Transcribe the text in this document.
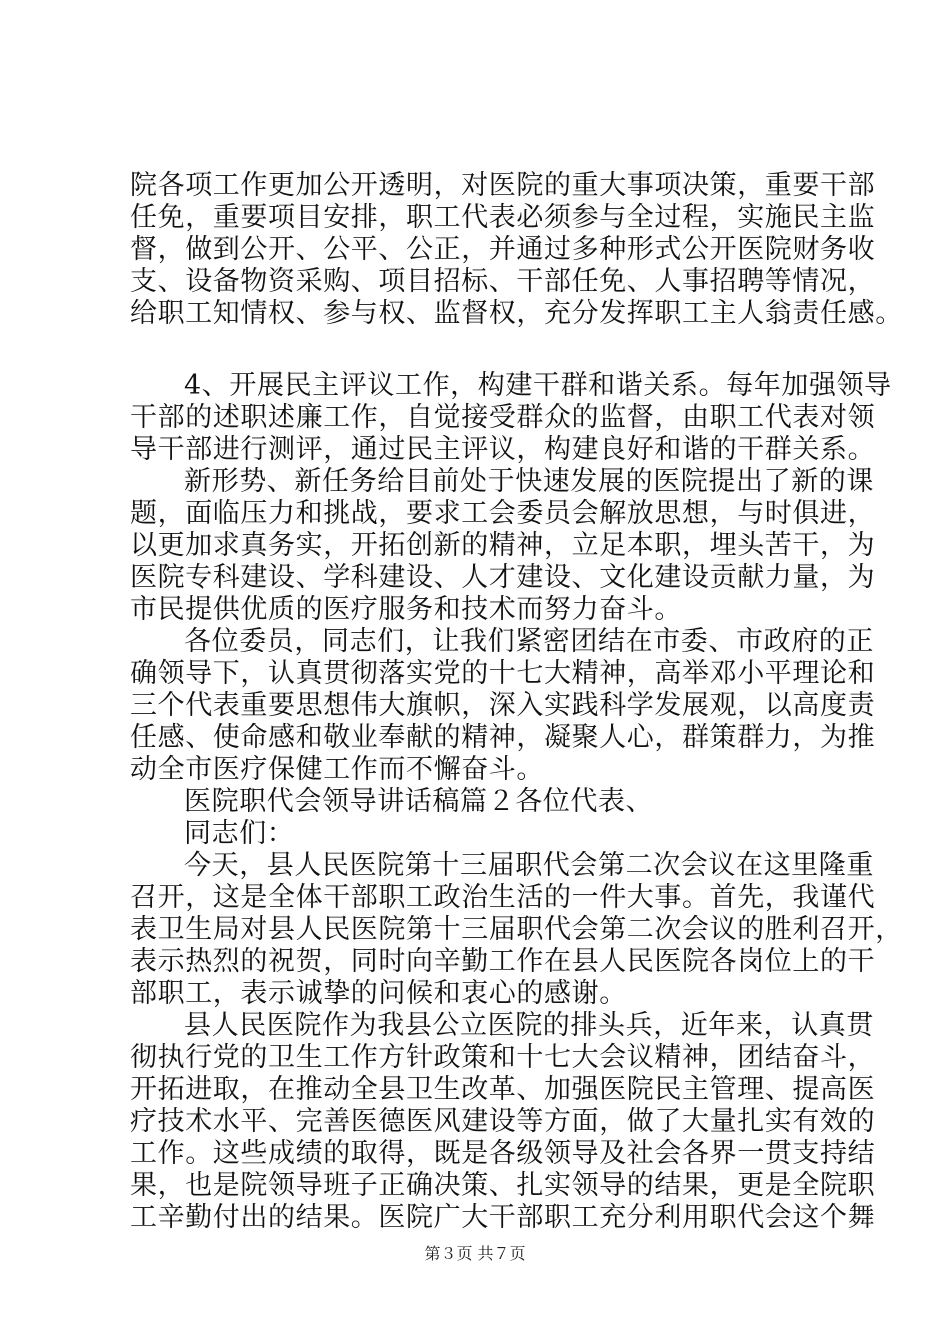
院各项工作更加公开透明，对医院的重大事项决策，重要干部
任免，重要项目安排，职工代表必须参与全过程，实施民主监
督，做到公开、公平、公正，并通过多种形式公开医院财务收
支、设备物资采购、项目招标、干部任免、人事招聘等情况，
给职工知情权、参与权、监督权，充分发挥职工主人翁责任感。
4、开展民主评议工作，构建干群和谐关系。每年加强领导
干部的述职述廉工作，自觉接受群众的监督，由职工代表对领
导干部进行测评，通过民主评议，构建良好和谐的干群关系。
新形势、新任务给目前处于快速发展的医院提出了新的课
题，面临压力和挑战，要求工会委员会解放思想，与时俱进，
以更加求真务实，开拓创新的精神，立足本职，埋头苦干，为
医院专科建设、学科建设、人才建设、文化建设贡献力量，为
市民提供优质的医疗服务和技术而努力奋斗。
各位委员，同志们，让我们紧密团结在市委、市政府的正
确领导下，认真贯彻落实党的十七大精神，高举邓小平理论和
三个代表重要思想伟大旗帜，深入实践科学发展观，以高度责
任感、使命感和敬业奉献的精神，凝聚人心，群策群力，为推
动全市医疗保健工作而不懈奋斗。
医院职代会领导讲话稿篇２各位代表、
同志们：
今天，县人民医院第十三届职代会第二次会议在这里隆重
召开，这是全体干部职工政治生活的一件大事。首先，我谨代
表卫生局对县人民医院第十三届职代会第二次会议的胜利召开，
表示热烈的祝贺，同时向辛勤工作在县人民医院各岗位上的干
部职工，表示诚挚的问候和衷心的感谢。
县人民医院作为我县公立医院的排头兵，近年来，认真贯
彻执行党的卫生工作方针政策和十七大会议精神，团结奋斗，
开拓进取，在推动全县卫生改革、加强医院民主管理、提高医
疗技术水平、完善医德医风建设等方面，做了大量扎实有效的
工作。这些成绩的取得，既是各级领导及社会各界一贯支持结
果，也是院领导班子正确决策、扎实领导的结果，更是全院职
工辛勤付出的结果。医院广大干部职工充分利用职代会这个舞
第３页 共７页
